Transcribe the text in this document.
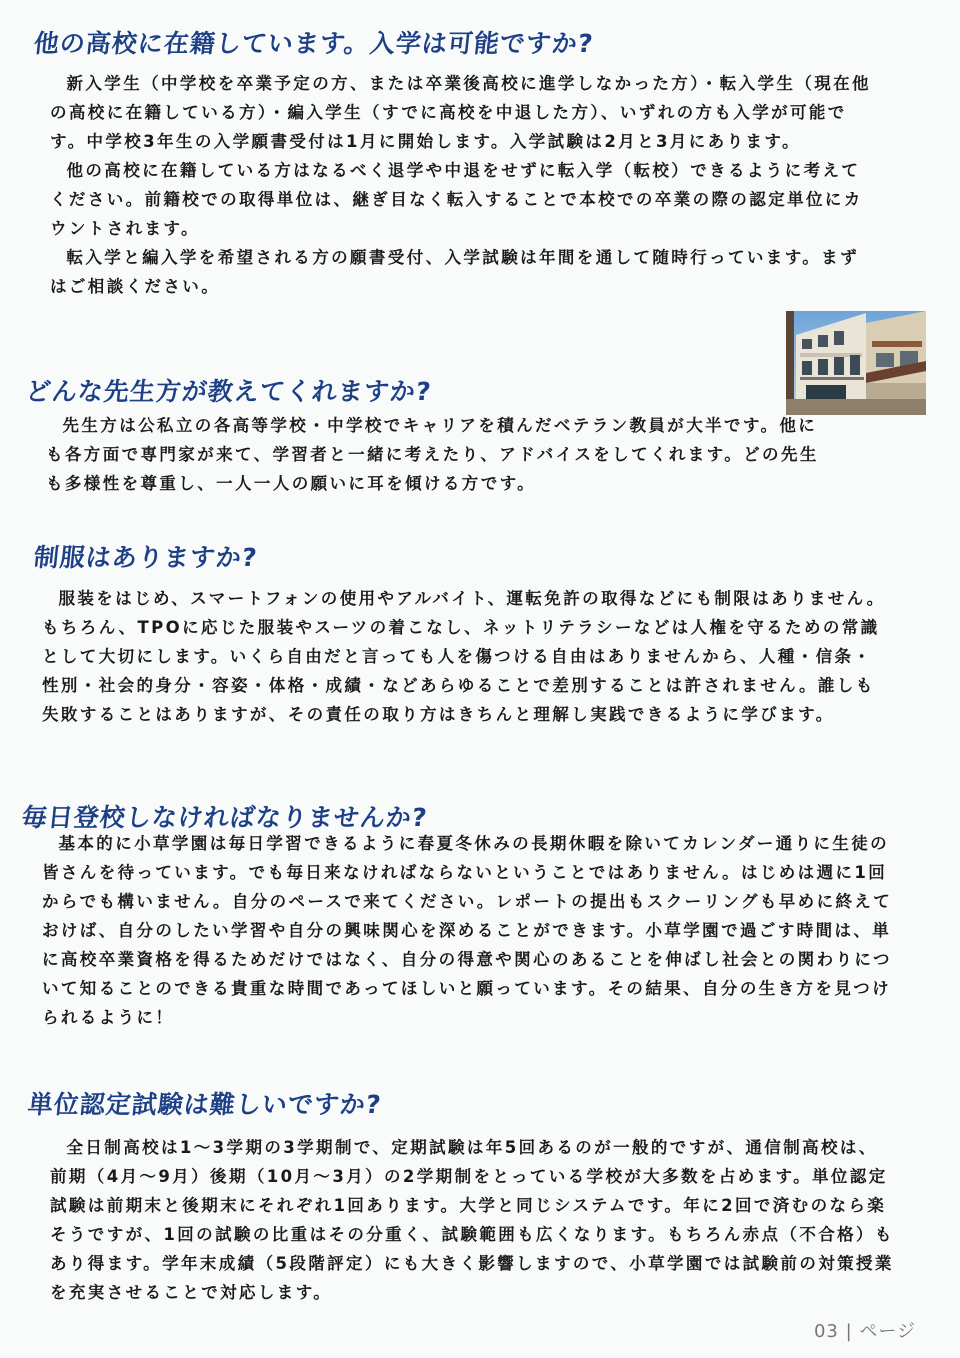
他の高校に在籍しています。入学は可能ですか?

新入学生（中学校を卒業予定の方、または卒業後高校に進学しなかった方）・転入学生（現在他の高校に在籍している方）・編入学生（すでに高校を中退した方）、いずれの方も入学が可能です。中学校3年生の入学願書受付は1月に開始します。入学試験は2月と3月にあります。

他の高校に在籍している方はなるべく退学や中退をせずに転入学（転校）できるように考えてください。前籍校での取得単位は、継ぎ目なく転入することで本校での卒業の際の認定単位にカウントされます。

転入学と編入学を希望される方の願書受付、入学試験は年間を通して随時行っています。まずはご相談ください。

どんな先生方が教えてくれますか?

先生方は公私立の各高等学校・中学校でキャリアを積んだベテラン教員が大半です。他にも各方面で専門家が来て、学習者と一緒に考えたり、アドバイスをしてくれます。どの先生も多様性を尊重し、一人一人の願いに耳を傾ける方です。

制服はありますか?

服装をはじめ、スマートフォンの使用やアルバイト、運転免許の取得などにも制限はありません。もちろん、TPOに応じた服装やスーツの着こなし、ネットリテラシーなどは人権を守るための常識として大切にします。いくら自由だと言っても人を傷つける自由はありませんから、人種・信条・性別・社会的身分・容姿・体格・成績・などあらゆることで差別することは許されません。誰しも失敗することはありますが、その責任の取り方はきちんと理解し実践できるように学びます。

毎日登校しなければなりませんか?

基本的に小草学園は毎日学習できるように春夏冬休みの長期休暇を除いてカレンダー通りに生徒の皆さんを待っています。でも毎日来なければならないということではありません。はじめは週に1回からでも構いません。自分のペースで来てください。レポートの提出もスクーリングも早めに終えておけば、自分のしたい学習や自分の興味関心を深めることができます。小草学園で過ごす時間は、単に高校卒業資格を得るためだけではなく、自分の得意や関心のあることを伸ばし社会との関わりについて知ることのできる貴重な時間であってほしいと願っています。その結果、自分の生き方を見つけられるように！

単位認定試験は難しいですか?

全日制高校は1～3学期の3学期制で、定期試験は年5回あるのが一般的ですが、通信制高校は、前期（4月～9月）後期（10月～3月）の2学期制をとっている学校が大多数を占めます。単位認定試験は前期末と後期末にそれぞれ1回あります。大学と同じシステムです。年に2回で済むのなら楽そうですが、1回の試験の比重はその分重く、試験範囲も広くなります。もちろん赤点（不合格）もあり得ます。学年末成績（5段階評定）にも大きく影響しますので、小草学園では試験前の対策授業を充実させることで対応します。

03 | ページ
